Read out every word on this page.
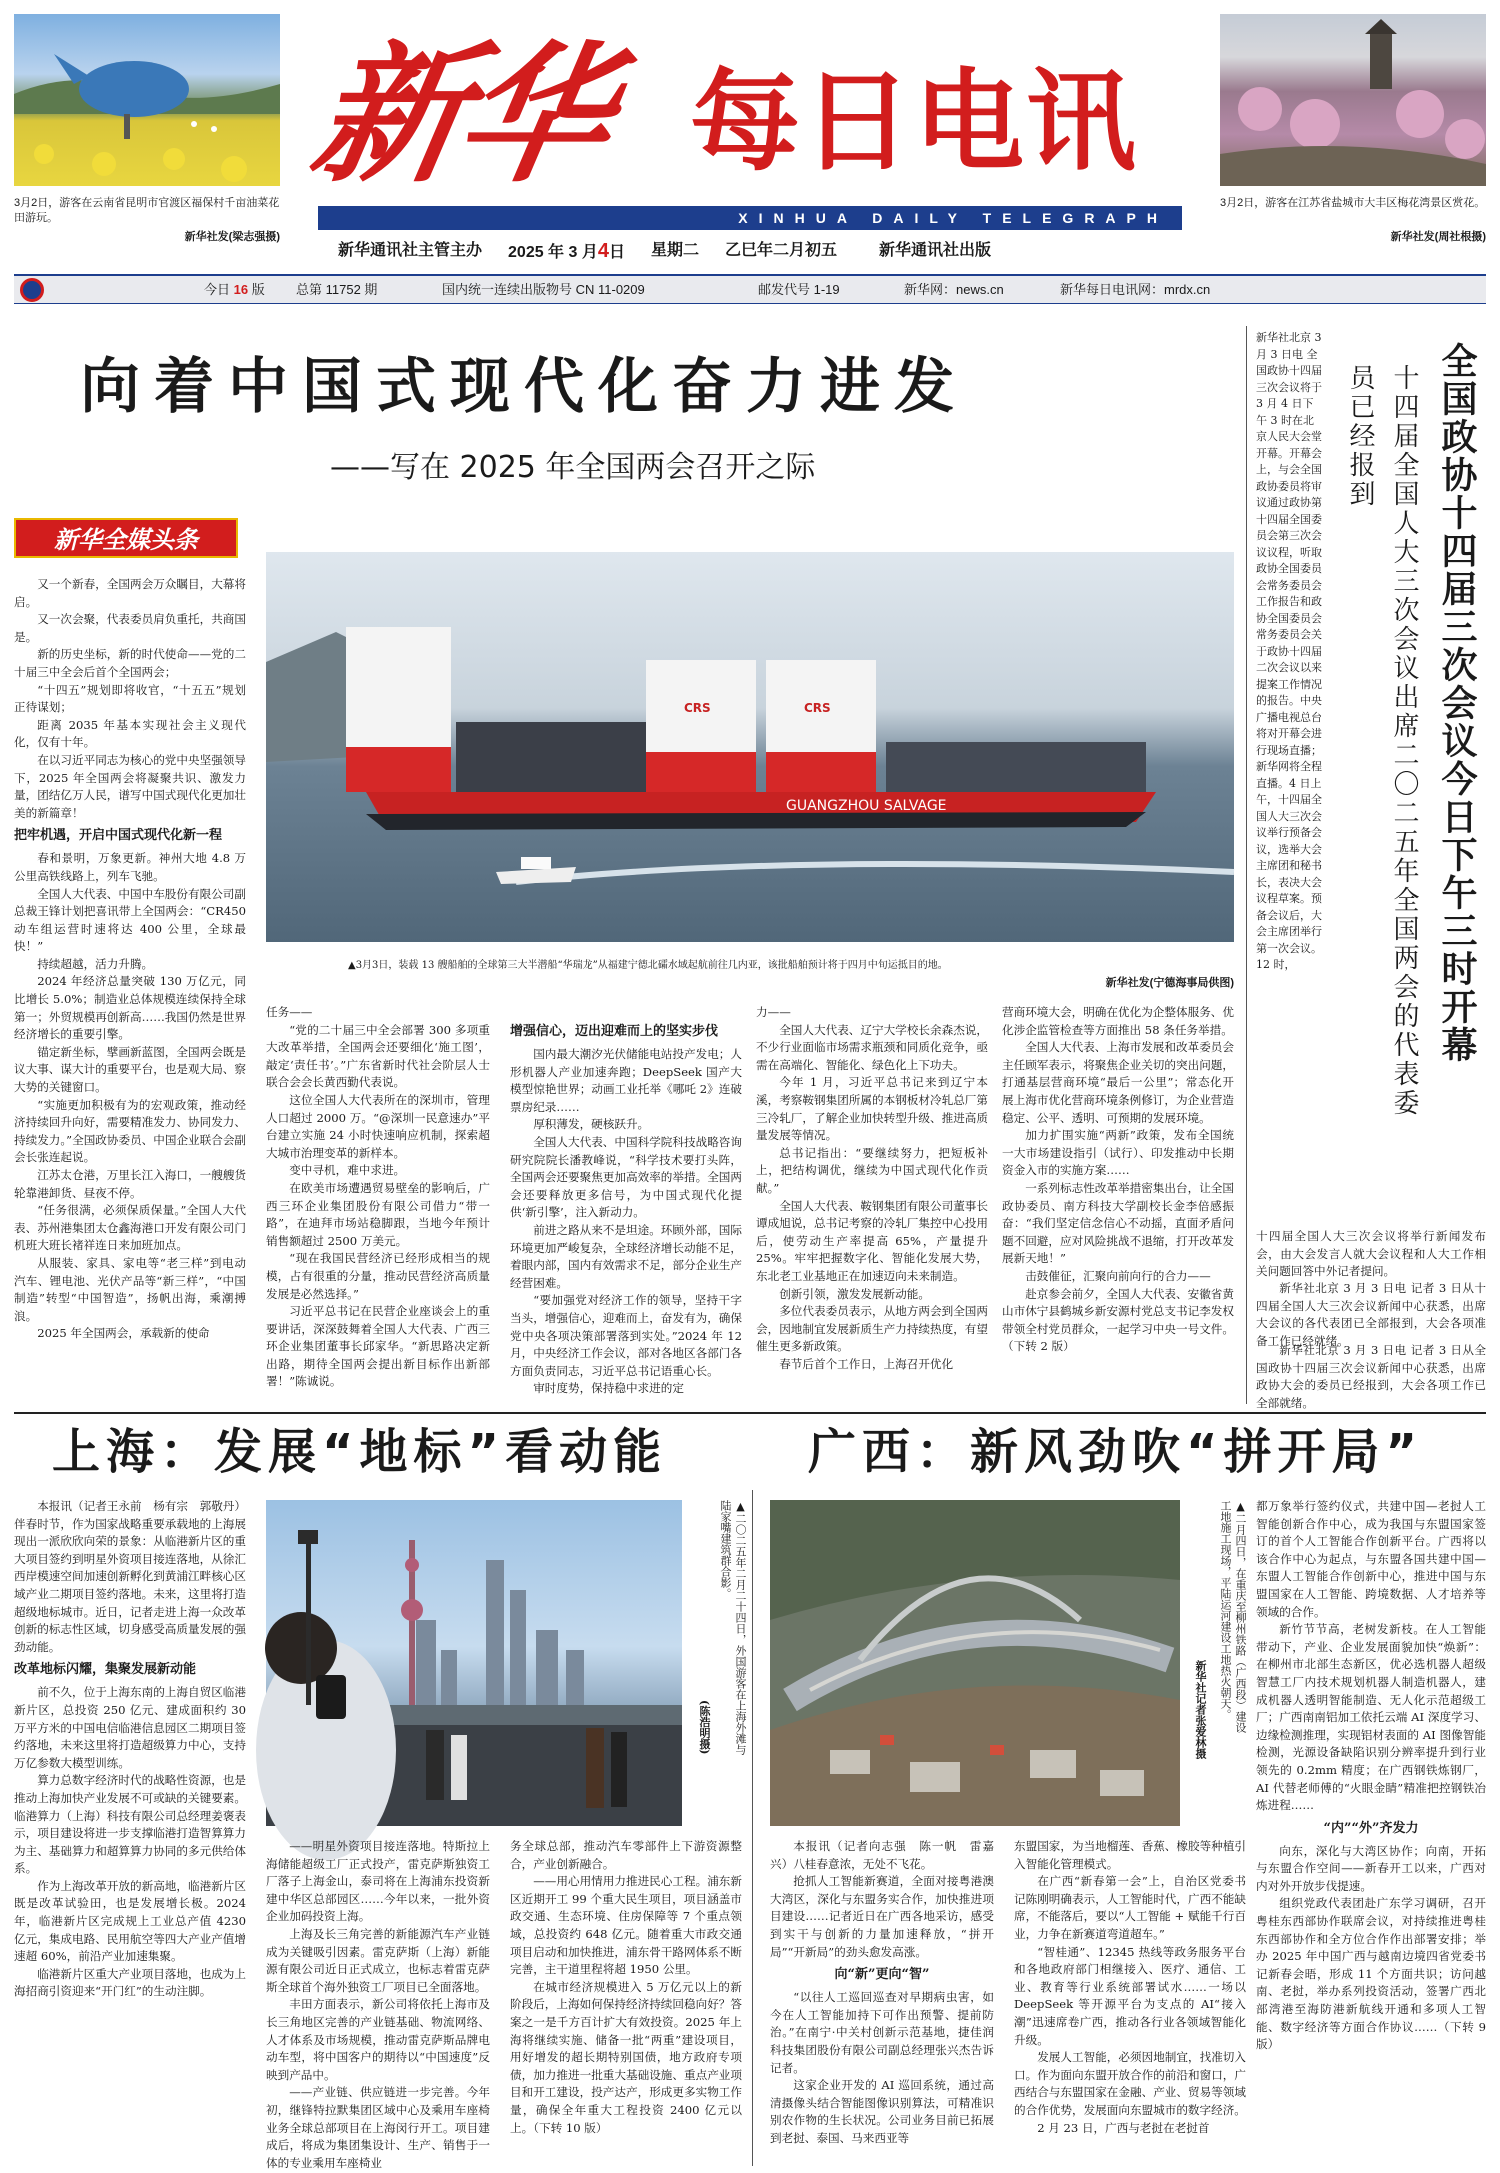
3月2日，游客在云南省昆明市官渡区福保村千亩油菜花田游玩。
新华社发(梁志强摄)
3月2日，游客在江苏省盐城市大丰区梅花湾景区赏花。
新华社发(周社根摄)
新华 每日电讯
XINHUA DAILY TELEGRAPH
新华通讯社主管主办 2025 年 3 月4日 星期二 乙巳年二月初五	新华通讯社出版
今日 16 版 总第 11752 期	国内统一连续出版物号 CN 11-0209	邮发代号 1-19	新华网：news.cn	新华每日电讯网：mrdx.cn
向着中国式现代化奋力进发
——写在 2025 年全国两会召开之际
新华全媒头条

又一个新春，全国两会万众瞩目，大幕将启。

又一次会聚，代表委员肩负重托，共商国是。

新的历史坐标，新的时代使命——党的二十届三中全会后首个全国两会；

“十四五”规划即将收官，“十五五”规划正待谋划；

距离 2035 年基本实现社会主义现代化，仅有十年。

在以习近平同志为核心的党中央坚强领导下，2025 年全国两会将凝聚共识、激发力量，团结亿万人民，谱写中国式现代化更加壮美的新篇章！

把牢机遇，开启中国式现代化新一程

春和景明，万象更新。神州大地 4.8 万公里高铁线路上，列车飞驰。

全国人大代表、中国中车股份有限公司副总裁王锋计划把喜讯带上全国两会：“CR450 动车组运营时速将达 400 公里，全球最快！”

持续超越，活力升腾。

2024 年经济总量突破 130 万亿元，同比增长 5.0%；制造业总体规模连续保持全球第一；外贸规模再创新高……我国仍然是世界经济增长的重要引擎。

锚定新坐标，擘画新蓝图，全国两会既是议大事、谋大计的重要平台，也是观大局、察大势的关键窗口。

“实施更加积极有为的宏观政策，推动经济持续回升向好，需要精准发力、协同发力、持续发力。”全国政协委员、中国企业联合会副会长张连起说。

江苏太仓港，万里长江入海口，一艘艘货轮靠港卸货、昼夜不停。

“任务很满，必须保质保量。”全国人大代表、苏州港集团太仓鑫海港口开发有限公司门机班大班长褚祥连日来加班加点。

从服装、家具、家电等“老三样”到电动汽车、锂电池、光伏产品等“新三样”，“中国制造”转型“中国智造”，扬帆出海，乘潮搏浪。

2025 年全国两会，承载新的使命

GUANGZHOU SALVAGE
CRS	CRS
▲3月3日，装载 13 艘船舶的全球第三大半潜船“华瑞龙”从福建宁德北礵水域起航前往几内亚，该批船舶预计将于四月中旬运抵目的地。
新华社发(宁德海事局供图)

任务——

“党的二十届三中全会部署 300 多项重大改革举措，全国两会还要细化‘施工图’，敲定‘责任书’。”广东省新时代社会阶层人士联合会会长黄西勤代表说。

这位全国人大代表所在的深圳市，管理人口超过 2000 万。“@深圳一民意速办”平台建立实施 24 小时快速响应机制，探索超大城市治理变革的新样本。

变中寻机，难中求进。

在欧美市场遭遇贸易壁垒的影响后，广西三环企业集团股份有限公司借力“带一路”，在迪拜市场站稳脚跟，当地今年预计销售额超过 2500 万美元。

“现在我国民营经济已经形成相当的规模，占有很重的分量，推动民营经济高质量发展是必然选择。”

习近平总书记在民营企业座谈会上的重要讲话，深深鼓舞着全国人大代表、广西三环企业集团董事长邱家华。“新思路决定新出路，期待全国两会提出新目标作出新部署！”陈诚说。

增强信心，迈出迎难而上的坚实步伐

国内最大潮汐光伏储能电站投产发电；人形机器人产业加速奔跑；DeepSeek 国产大模型惊艳世界；动画工业托举《哪吒 2》连破票房纪录……

厚积薄发，硬核跃升。

全国人大代表、中国科学院科技战略咨询研究院院长潘教峰说，“科学技术要打头阵，全国两会还要聚焦更加高效率的举措。全国两会还要释放更多信号，为中国式现代化提供‘新引擎’，注入新动力。

前进之路从来不是坦途。环顾外部，国际环境更加严峻复杂，全球经济增长动能不足，着眼内部，国内有效需求不足，部分企业生产经营困难。

“要加强党对经济工作的领导，坚持干字当头，增强信心，迎难而上，奋发有为，确保党中央各项决策部署落到实处。”2024 年 12 月，中央经济工作会议，部对各地区各部门各方面负责同志，习近平总书记语重心长。

审时度势，保持稳中求进的定

力——

全国人大代表、辽宁大学校长余森杰说，不少行业面临市场需求瓶颈和同质化竞争，亟需在高端化、智能化、绿色化上下功夫。

今年 1 月，习近平总书记来到辽宁本溪，考察鞍钢集团所属的本钢板材冷轧总厂第三冷轧厂，了解企业加快转型升级、推进高质量发展等情况。

总书记指出：“要继续努力，把短板补上，把结构调优，继续为中国式现代化作贡献。”

全国人大代表、鞍钢集团有限公司董事长谭成旭说，总书记考察的冷轧厂集控中心投用后，使劳动生产率提高 65%，产量提升 25%。牢牢把握数字化、智能化发展大势，东北老工业基地正在加速迈向未来制造。

创新引领，激发发展新动能。

多位代表委员表示，从地方两会到全国两会，因地制宜发展新质生产力持续热度，有望催生更多新政策。

春节后首个工作日，上海召开优化

营商环境大会，明确在优化为企整体服务、优化涉企监管检查等方面推出 58 条任务举措。

全国人大代表、上海市发展和改革委员会主任顾军表示，将聚焦企业关切的突出问题，打通基层营商环境“最后一公里”；常态化开展上海市优化营商环境条例修订，为企业营造稳定、公平、透明、可预期的发展环境。

加力扩围实施“两新”政策，发布全国统一大市场建设指引（试行）、印发推动中长期资金入市的实施方案……

一系列标志性改革举措密集出台，让全国政协委员、南方科技大学副校长金李倍感振奋：“我们坚定信念信心不动摇，直面矛盾问题不回避，应对风险挑战不退缩，打开改革发展新天地！”

击鼓催征，汇聚向前向行的合力——

赴京参会前夕，全国人大代表、安徽省黄山市休宁县鹤城乡新安源村党总支书记李发权带领全村党员群众，一起学习中央一号文件。（下转 2 版）

全国政协十四届三次会议今日下午三时开幕
十四届全国人大三次会议出席二〇二五年全国两会的代表委员已经报到
新华社北京 3 月 3 日电 全国政协十四届三次会议将于 3 月 4 日下午 3 时在北京人民大会堂开幕。开幕会上，与会全国政协委员将审议通过政协第十四届全国委员会第三次会议议程，听取政协全国委员会常务委员会工作报告和政协全国委员会常务委员会关于政协十四届二次会议以来提案工作情况的报告。中央广播电视总台将对开幕会进行现场直播；新华网将全程直播。4 日上午，十四届全国人大三次会议举行预备会议，选举大会主席团和秘书长，表决大会议程草案。预备会议后，大会主席团举行第一次会议。12 时，
十四届全国人大三次会议将举行新闻发布会，由大会发言人就大会议程和人大工作相关问题回答中外记者提问。

新华社北京 3 月 3 日电 记者 3 日从十四届全国人大三次会议新闻中心获悉，出席大会议的各代表团已全部报到，大会各项准备工作已经就绪。

新华社北京 3 月 3 日电 记者 3 日从全国政协十四届三次会议新闻中心获悉，出席政协大会的委员已经报到，大会各项工作已全部就绪。

上海：发展“地标”看动能

本报讯（记者王永前　杨有宗　郭敬丹）伴春时节，作为国家战略重要承载地的上海展现出一派欣欣向荣的景象：从临港新片区的重大项目签约到明星外资项目接连落地，从徐汇西岸模速空间加速创新孵化到黄浦江畔核心区域产业二期项目签约落地。未来，这里将打造超级地标城市。近日，记者走进上海一众改革创新的标志性区域，切身感受高质量发展的强劲动能。

改革地标闪耀，集聚发展新动能

前不久，位于上海东南的上海自贸区临港新片区，总投资 250 亿元、建成面积约 30 万平方米的中国电信临港信息园区二期项目签约落地，未来这里将打造超级算力中心，支持万亿参数大模型训练。

算力总数字经济时代的战略性资源，也是推动上海加快产业发展不可或缺的关键要素。临港算力（上海）科技有限公司总经理姜褒表示，项目建设将进一步支撑临港打造智算算力为主、基础算力和超算算力协同的多元供给体系。

作为上海改革开放的新高地，临港新片区既是改革试验田，也是发展增长极。2024 年，临港新片区完成规上工业总产值 4230 亿元，集成电路、民用航空等四大产业产值增速超 60%，前沿产业加速集聚。

临港新片区重大产业项目落地，也成为上海招商引资迎来“开门红”的生动注脚。

▲二〇二五年二月二十四日，外国游客在上海外滩与陆家嘴建筑群合影。
(陈浩明摄)

——明星外资项目接连落地。特斯拉上海储能超级工厂正式投产，雷克萨斯独资工厂落子上海金山，泰司将在上海浦东投资新建中华区总部园区……今年以来，一批外资企业加码投资上海。

上海及长三角完善的新能源汽车产业链成为关键吸引因素。雷克萨斯（上海）新能源有限公司近日正式成立，也标志着雷克萨斯全球首个海外独资工厂项目已全面落地。

丰田方面表示，新公司将依托上海市及长三角地区完善的产业链基础、物流网络、人才体系及市场规模，推动雷克萨斯品牌电动车型，将中国客户的期待以“中国速度”反映到产品中。

——产业链、供应链进一步完善。今年初，继锋特拉默集团区域中心及乘用车座椅业务全球总部项目在上海闵行开工。项目建成后，将成为集团集设计、生产、销售于一体的专业乘用车座椅业

务全球总部，推动汽车零部件上下游资源整合，产业创新融合。

——用心用情用力推进民心工程。浦东新区近期开工 99 个重大民生项目，项目涵盖市政交通、生态环境、住房保障等 7 个重点领域，总投资约 648 亿元。随着重大市政交通项目启动和加快推进，浦东骨干路网体系不断完善，主干道里程将超 1950 公里。

在城市经济规模进入 5 万亿元以上的新阶段后，上海如何保持经济持续回稳向好？答案之一是千方百计扩大有效投资。2025 年上海将继续实施、储备一批“两重”建设项目，用好增发的超长期特别国债，地方政府专项债，加力推进一批重大基础设施、重点产业项目和开工建设，投产达产，形成更多实物工作量，确保全年重大工程投资 2400 亿元以上。（下转 10 版）

广西：新风劲吹“拼开局”
▲二月四日，在重庆至柳州铁路（广西段）建设工地施工现场，平陆运河建设工地热火朝天。
新华社记者张爱林摄

本报讯（记者向志强　陈一帆　雷嘉兴）八桂春意浓，无处不飞花。

抢抓人工智能新赛道，全面对接粤港澳大湾区，深化与东盟务实合作，加快推进项目建设……记者近日在广西各地采访，感受到实干与创新的力量加速释放，“拼开局”“开新局”的劲头愈发高涨。

向“新”更向“智”

“以往人工巡回巡查对早期病虫害，如今在人工智能加持下可作出预警、提前防治。”在南宁·中关村创新示范基地，捷佳润科技集团股份有限公司副总经理张兴杰告诉记者。

这家企业开发的 AI 巡回系统，通过高清摄像头结合智能图像识别算法，可精准识别农作物的生长状况。公司业务目前已拓展到老挝、泰国、马来西亚等

东盟国家，为当地榴莲、香蕉、橡胶等种植引入智能化管理模式。

在广西“新春第一会”上，自治区党委书记陈刚明确表示，人工智能时代，广西不能缺席，不能落后，要以“人工智能 + 赋能千行百业，力争在新赛道弯道超车。”

“智桂通”、12345 热线等政务服务平台和各地政府部门相继接入、医疗、通信、工业、教育等行业系统部署试水……一场以 DeepSeek 等开源平台为支点的 AI“接入潮”迅速席卷广西，推动各行业各领域智能化升级。

发展人工智能，必须因地制宜，找准切入口。作为面向东盟开放合作的前沿和窗口，广西结合与东盟国家在金融、产业、贸易等领域的合作优势，发展面向东盟城市的数字经济。

2 月 23 日，广西与老挝在老挝首

都万象举行签约仪式，共建中国—老挝人工智能创新合作中心，成为我国与东盟国家签订的首个人工智能合作创新平台。广西将以该合作中心为起点，与东盟各国共建中国—东盟人工智能合作创新中心，推进中国与东盟国家在人工智能、跨境数据、人才培养等领域的合作。

新竹节节高，老树发新枝。在人工智能带动下，产业、企业发展面貌加快“焕新”：在柳州市北部生态新区，优必选机器人超级智慧工厂内技术规划机器人制造机器人，建成机器人透明智能制造、无人化示范超级工厂；广西南南铝加工依托云端 AI 深度学习、边缘检测推理，实现铝材表面的 AI 图像智能检测，光源设备缺陷识别分辨率提升到行业领先的 0.2mm 精度；在广西钢铁炼钢厂，AI 代替老师傅的“火眼金睛”精准把控钢铁冶炼进程……

“内”“外”齐发力

向东，深化与大湾区协作；向南，开拓与东盟合作空间——新春开工以来，广西对内对外开放步伐提速。

组织党政代表团赴广东学习调研，召开粤桂东西部协作联席会议，对持续推进粤桂东西部协作和全方位合作作出部署安排；举办 2025 年中国广西与越南边境四省党委书记新春会晤，形成 11 个方面共识；访问越南、老挝，举办系列投资活动，签署广西北部湾港至海防港新航线开通和多项人工智能、数字经济等方面合作协议……（下转 9 版）
